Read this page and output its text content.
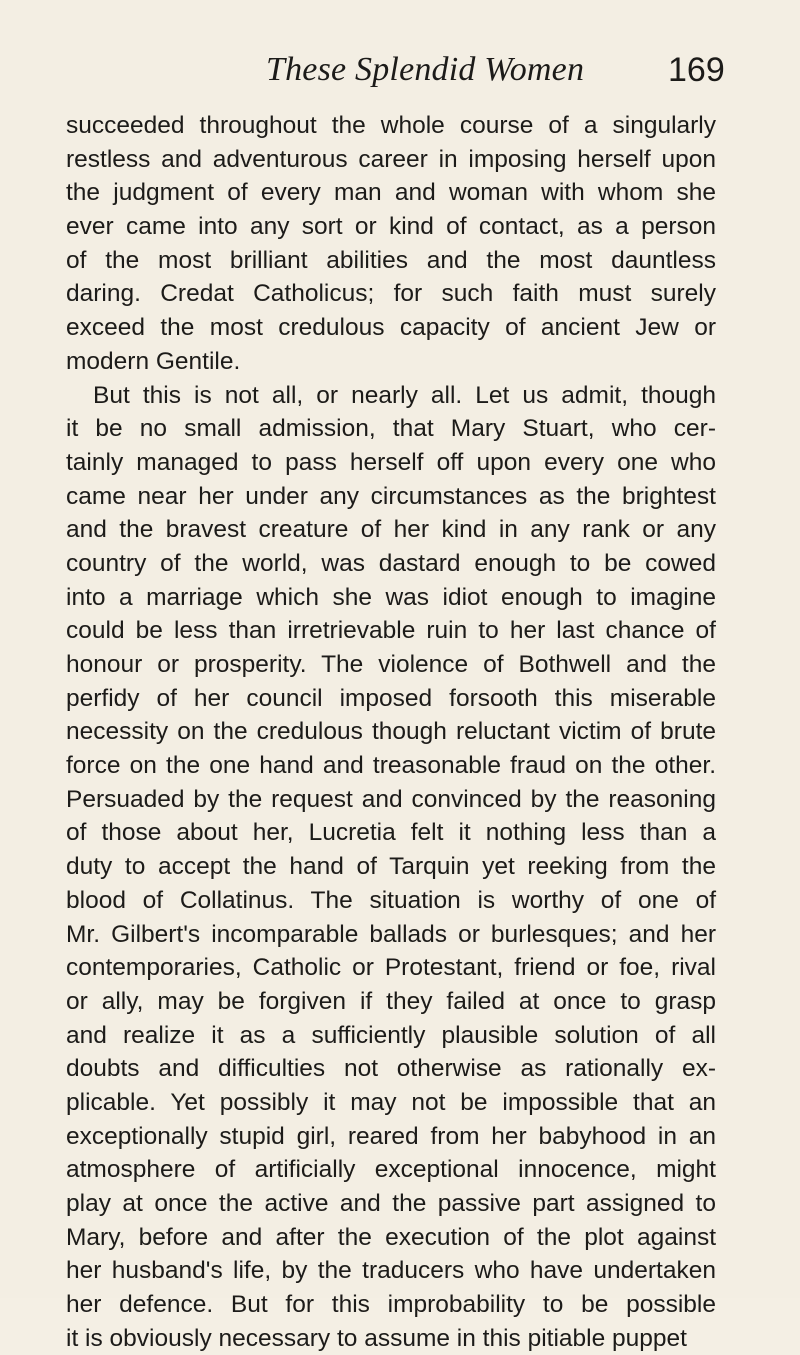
These Splendid Women 169
succeeded throughout the whole course of a singularly
restless and adventurous career in imposing herself upon
the judgment of every man and woman with whom she
ever came into any sort or kind of contact, as a person
of the most brilliant abilities and the most dauntless
daring. Credat Catholicus; for such faith must surely
exceed the most credulous capacity of ancient Jew or
modern Gentile.
But this is not all, or nearly all. Let us admit, though
it be no small admission, that Mary Stuart, who cer-
tainly managed to pass herself off upon every one who
came near her under any circumstances as the brightest
and the bravest creature of her kind in any rank or any
country of the world, was dastard enough to be cowed
into a marriage which she was idiot enough to imagine
could be less than irretrievable ruin to her last chance of
honour or prosperity. The violence of Bothwell and the
perfidy of her council imposed forsooth this miserable
necessity on the credulous though reluctant victim of brute
force on the one hand and treasonable fraud on the other.
Persuaded by the request and convinced by the reasoning
of those about her, Lucretia felt it nothing less than a
duty to accept the hand of Tarquin yet reeking from the
blood of Collatinus. The situation is worthy of one of
Mr. Gilbert's incomparable ballads or burlesques; and her
contemporaries, Catholic or Protestant, friend or foe, rival
or ally, may be forgiven if they failed at once to grasp
and realize it as a sufficiently plausible solution of all
doubts and difficulties not otherwise as rationally ex-
plicable. Yet possibly it may not be impossible that an
exceptionally stupid girl, reared from her babyhood in an
atmosphere of artificially exceptional innocence, might
play at once the active and the passive part assigned to
Mary, before and after the execution of the plot against
her husband's life, by the traducers who have undertaken
her defence. But for this improbability to be possible
it is obviously necessary to assume in this pitiable puppet
